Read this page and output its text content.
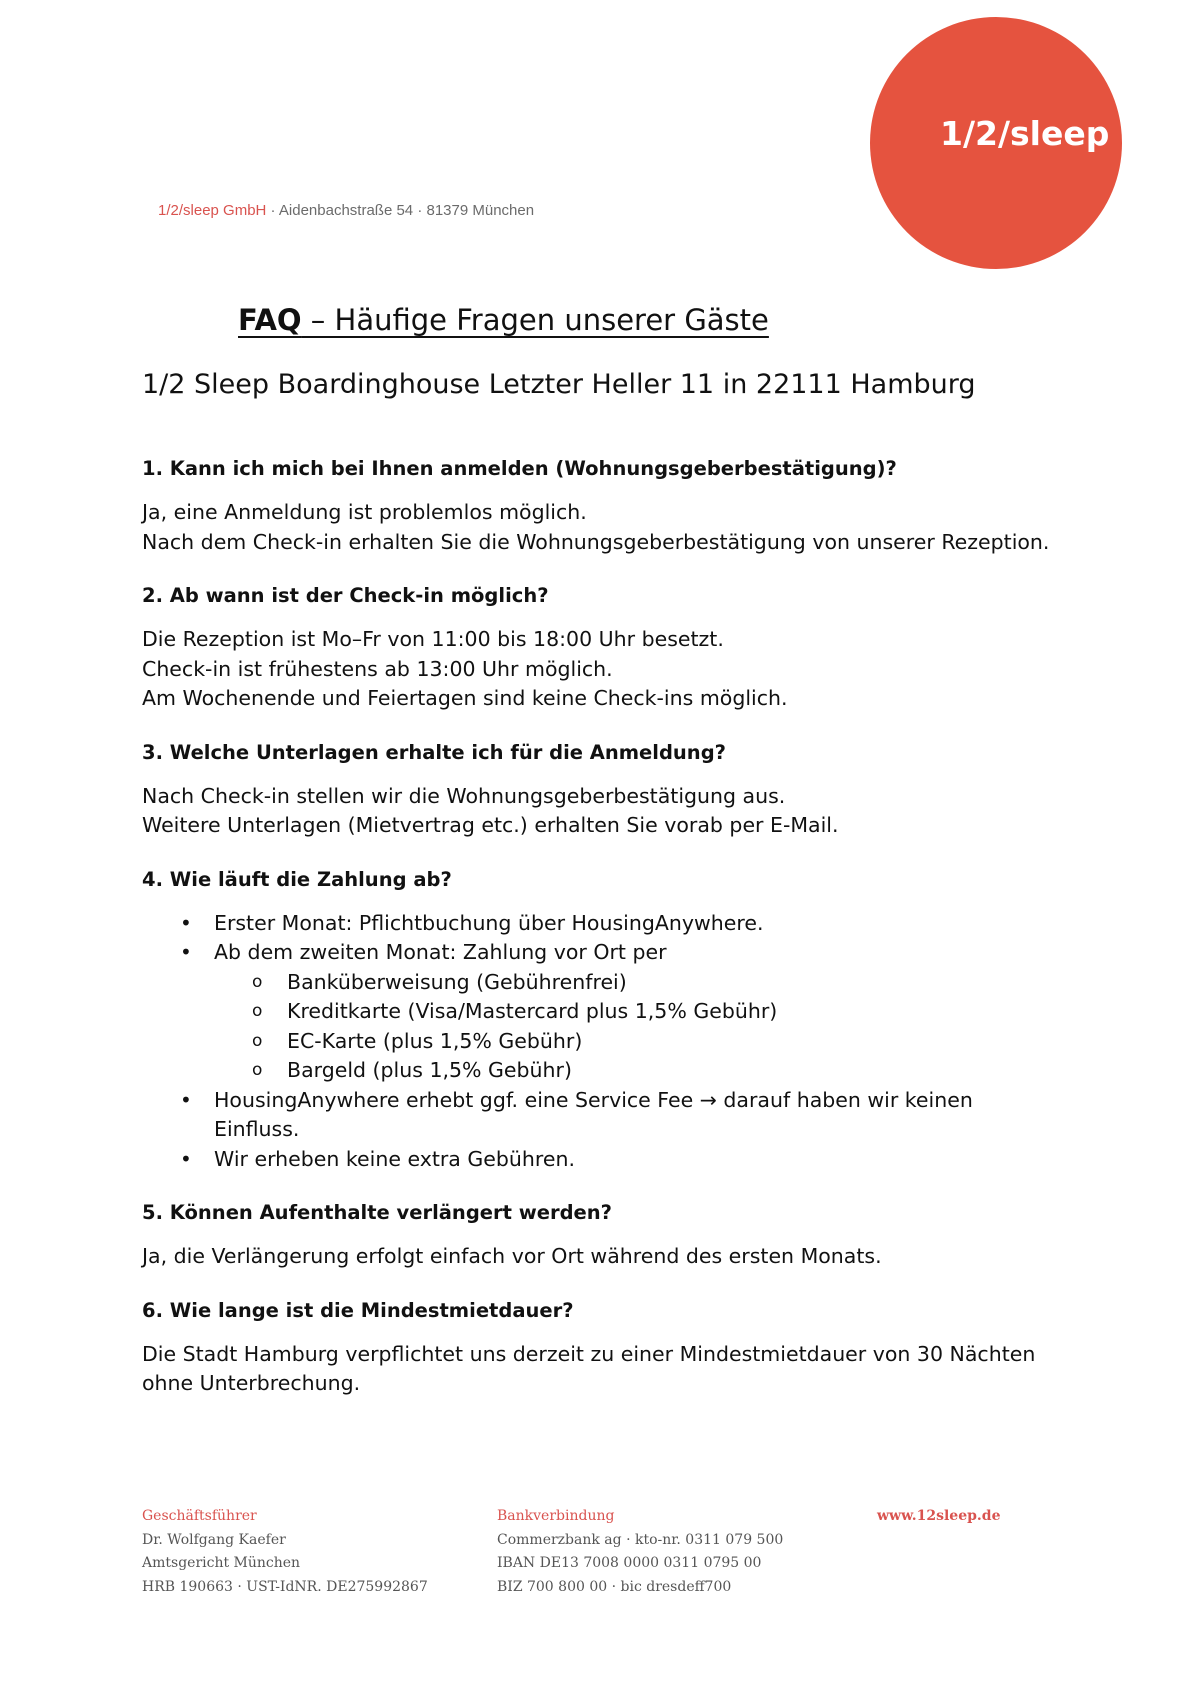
1/2/sleep
1/2/sleep GmbH · Aidenbachstraße 54 · 81379 München
FAQ – Häufige Fragen unserer Gäste
1/2 Sleep Boardinghouse Letzter Heller 11 in 22111 Hamburg
1. Kann ich mich bei Ihnen anmelden (Wohnungsgeberbestätigung)?

Ja, eine Anmeldung ist problemlos möglich.

Nach dem Check-in erhalten Sie die Wohnungsgeberbestätigung von unserer Rezeption.

2. Ab wann ist der Check-in möglich?

Die Rezeption ist Mo–Fr von 11:00 bis 18:00 Uhr besetzt.

Check-in ist frühestens ab 13:00 Uhr möglich.

Am Wochenende und Feiertagen sind keine Check-ins möglich.

3. Welche Unterlagen erhalte ich für die Anmeldung?

Nach Check-in stellen wir die Wohnungsgeberbestätigung aus.

Weitere Unterlagen (Mietvertrag etc.) erhalten Sie vorab per E-Mail.

4. Wie läuft die Zahlung ab?
• Erster Monat: Pflichtbuchung über HousingAnywhere.
• Ab dem zweiten Monat: Zahlung vor Ort per
o Banküberweisung (Gebührenfrei)
o Kreditkarte (Visa/Mastercard plus 1,5% Gebühr)
o EC-Karte (plus 1,5% Gebühr)
o Bargeld (plus 1,5% Gebühr)
• HousingAnywhere erhebt ggf. eine Service Fee → darauf haben wir keinen Einfluss.
• Wir erheben keine extra Gebühren.
5. Können Aufenthalte verlängert werden?

Ja, die Verlängerung erfolgt einfach vor Ort während des ersten Monats.

6. Wie lange ist die Mindestmietdauer?

Die Stadt Hamburg verpflichtet uns derzeit zu einer Mindestmietdauer von 30 Nächten

ohne Unterbrechung.

Geschäftsführer
Dr. Wolfgang Kaefer
Amtsgericht München
HRB 190663 · UST-IdNR. DE275992867
Bankverbindung
Commerzbank ag · kto-nr. 0311 079 500
IBAN DE13 7008 0000 0311 0795 00
BIZ 700 800 00 · bic dresdeff700
www.12sleep.de
